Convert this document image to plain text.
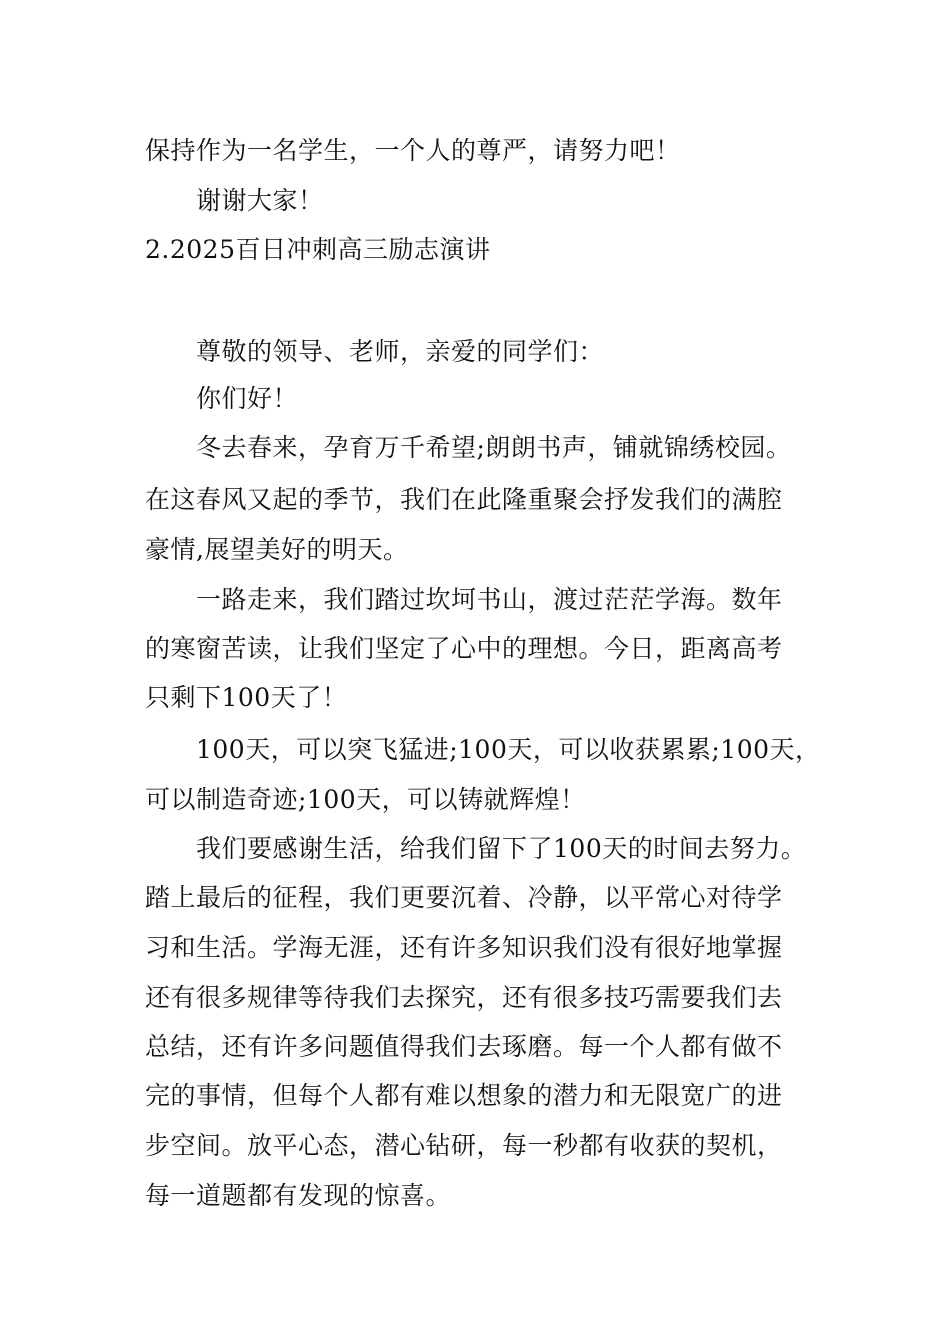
保持作为一名学生，一个人的尊严，请努力吧！
谢谢大家！
2.2025百日冲刺高三励志演讲
尊敬的领导、老师，亲爱的同学们：
你们好！
冬去春来，孕育万千希望;朗朗书声，铺就锦绣校园。
在这春风又起的季节，我们在此隆重聚会抒发我们的满腔
豪情,展望美好的明天。
一路走来，我们踏过坎坷书山，渡过茫茫学海。数年
的寒窗苦读，让我们坚定了心中的理想。今日，距离高考
只剩下100天了！
100天，可以突飞猛进;100天，可以收获累累;100天，
可以制造奇迹;100天，可以铸就辉煌！
我们要感谢生活，给我们留下了100天的时间去努力。
踏上最后的征程，我们更要沉着、冷静，以平常心对待学
习和生活。学海无涯，还有许多知识我们没有很好地掌握
还有很多规律等待我们去探究，还有很多技巧需要我们去
总结，还有许多问题值得我们去琢磨。每一个人都有做不
完的事情，但每个人都有难以想象的潜力和无限宽广的进
步空间。放平心态，潜心钻研，每一秒都有收获的契机，
每一道题都有发现的惊喜。
